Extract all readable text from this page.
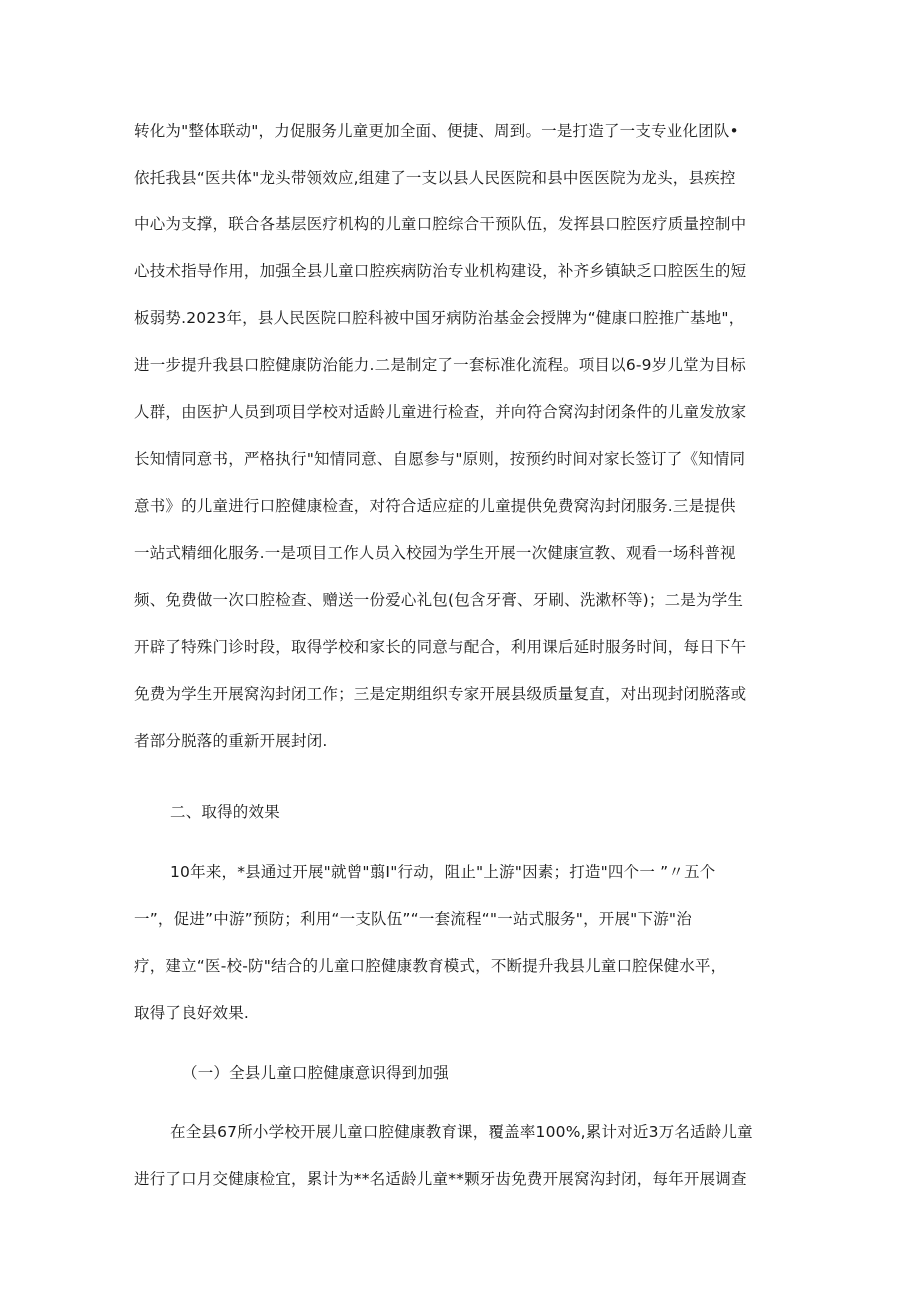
转化为"整体联动"，力促服务儿童更加全面、便捷、周到。一是打造了一支专业化团队•
依托我县“医共体"龙头带领效应,组建了一支以县人民医院和县中医医院为龙头，县疾控
中心为支撑，联合各基层医疗机构的儿童口腔综合干预队伍，发挥县口腔医疗质量控制中
心技术指导作用，加强全县儿童口腔疾病防治专业机构建设，补齐乡镇缺乏口腔医生的短
板弱势.2023年，县人民医院口腔科被中国牙病防治基金会授牌为“健康口腔推广基地"，
进一步提升我县口腔健康防治能力.二是制定了一套标准化流程。项目以6-9岁儿堂为目标
人群，由医护人员到项目学校对适龄儿童进行检查，并向符合窝沟封闭条件的儿童发放家
长知情同意书，严格执行"知情同意、自愿参与"原则，按预约时间对家长签订了《知情同
意书》的儿童进行口腔健康检查，对符合适应症的儿童提供免费窝沟封闭服务.三是提供
一站式精细化服务.一是项目工作人员入校园为学生开展一次健康宣教、观看一场科普视
频、免费做一次口腔检查、赠送一份爱心礼包(包含牙膏、牙刷、洗漱杯等)；二是为学生
开辟了特殊门诊时段，取得学校和家长的同意与配合，利用课后延时服务时间，每日下午
免费为学生开展窝沟封闭工作；三是定期组织专家开展县级质量复直，对出现封闭脱落或
者部分脱落的重新开展封闭.
二、取得的效果
10年来，*县通过开展"就曾"翦I"行动，阻止"上游"因素；打造"四个一 ”〃五个
一”，促进”中游”预防；利用“一支队伍”“一套流程“"一站式服务"，开展"下游"治
疗，建立“医-校-防"结合的儿童口腔健康教育模式，不断提升我县儿童口腔保健水平，
取得了良好效果.
（一）全县儿童口腔健康意识得到加强
在全县67所小学校开展儿童口腔健康教育课，覆盖率100%,累计对近3万名适龄儿童
进行了口月交健康检宜，累计为**名适龄儿童**颗牙齿免费开展窝沟封闭，每年开展调查
